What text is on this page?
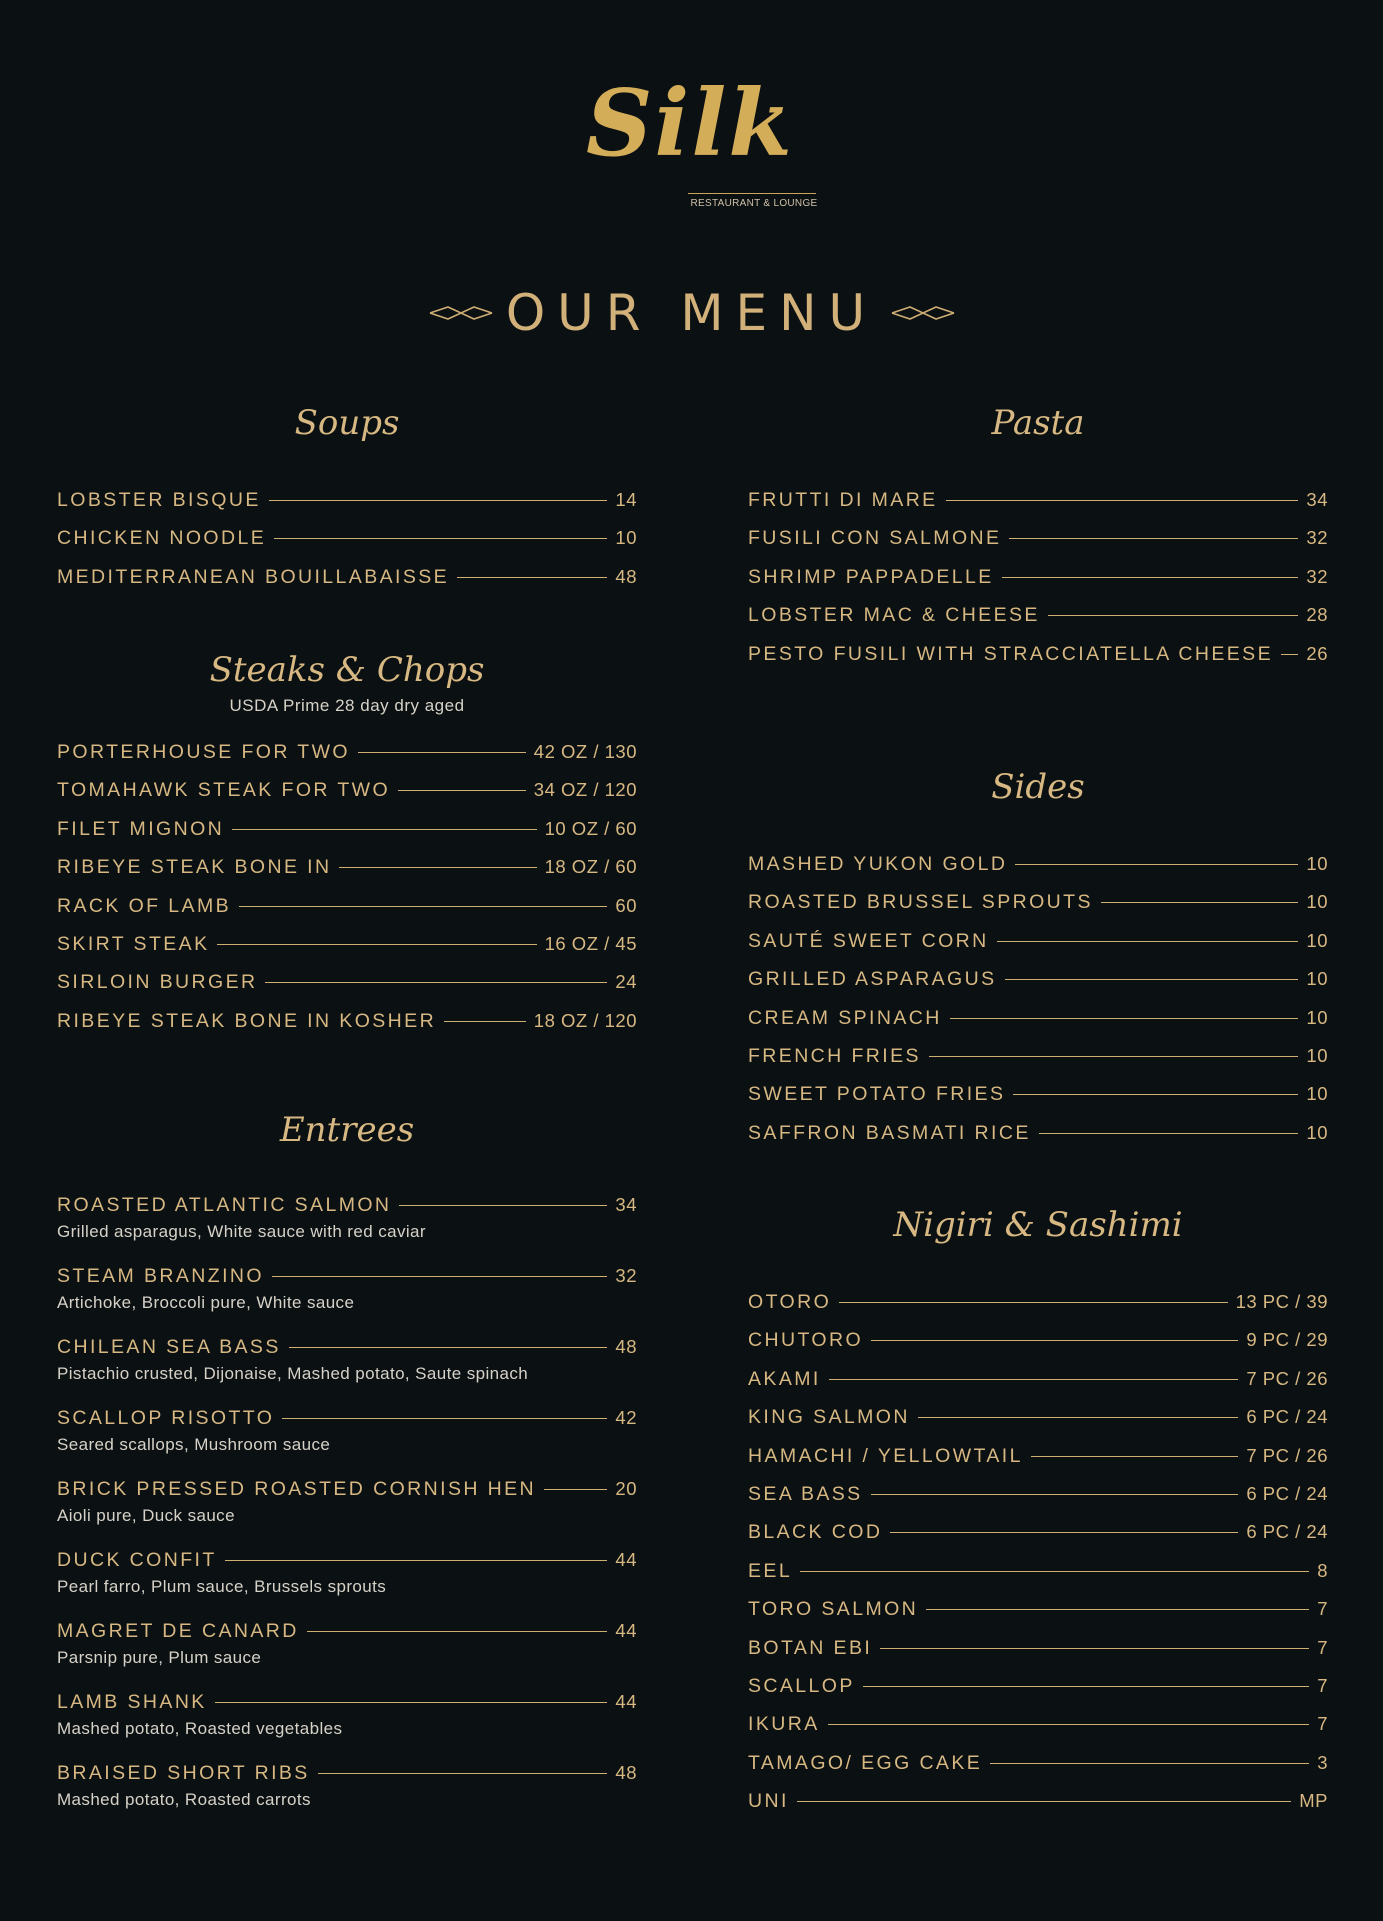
Silk
RESTAURANT & LOUNGE
OUR MENU
Soups
LOBSTER BISQUE	14
CHICKEN NOODLE	10
MEDITERRANEAN BOUILLABAISSE	48
Steaks & Chops
USDA Prime 28 day dry aged
PORTERHOUSE FOR TWO	42 OZ / 130
TOMAHAWK STEAK FOR TWO	34 OZ / 120
FILET MIGNON	10 OZ / 60
RIBEYE STEAK BONE IN	18 OZ / 60
RACK OF LAMB	60
SKIRT STEAK	16 OZ / 45
SIRLOIN BURGER	24
RIBEYE STEAK BONE IN KOSHER	18 OZ / 120
Entrees
ROASTED ATLANTIC SALMON	34
Grilled asparagus, White sauce with red caviar
STEAM BRANZINO	32
Artichoke, Broccoli pure, White sauce
CHILEAN SEA BASS	48
Pistachio crusted, Dijonaise, Mashed potato, Saute spinach
SCALLOP RISOTTO	42
Seared scallops, Mushroom sauce
BRICK PRESSED ROASTED CORNISH HEN	20
Aioli pure, Duck sauce
DUCK CONFIT	44
Pearl farro, Plum sauce, Brussels sprouts
MAGRET DE CANARD	44
Parsnip pure, Plum sauce
LAMB SHANK	44
Mashed potato, Roasted vegetables
BRAISED SHORT RIBS	48
Mashed potato, Roasted carrots
Pasta
FRUTTI DI MARE	34
FUSILI CON SALMONE	32
SHRIMP PAPPADELLE	32
LOBSTER MAC & CHEESE	28
PESTO FUSILI WITH STRACCIATELLA CHEESE 26
Sides
MASHED YUKON GOLD	10
ROASTED BRUSSEL SPROUTS	10
SAUTÉ SWEET CORN	10
GRILLED ASPARAGUS	10
CREAM SPINACH	10
FRENCH FRIES	10
SWEET POTATO FRIES	10
SAFFRON BASMATI RICE	10
Nigiri & Sashimi
OTORO	13 PC / 39
CHUTORO	9 PC / 29
AKAMI	7 PC / 26
KING SALMON	6 PC / 24
HAMACHI / YELLOWTAIL	7 PC / 26
SEA BASS	6 PC / 24
BLACK COD	6 PC / 24
EEL	8
TORO SALMON	7
BOTAN EBI	7
SCALLOP	7
IKURA	7
TAMAGO/ EGG CAKE	3
UNI	MP
